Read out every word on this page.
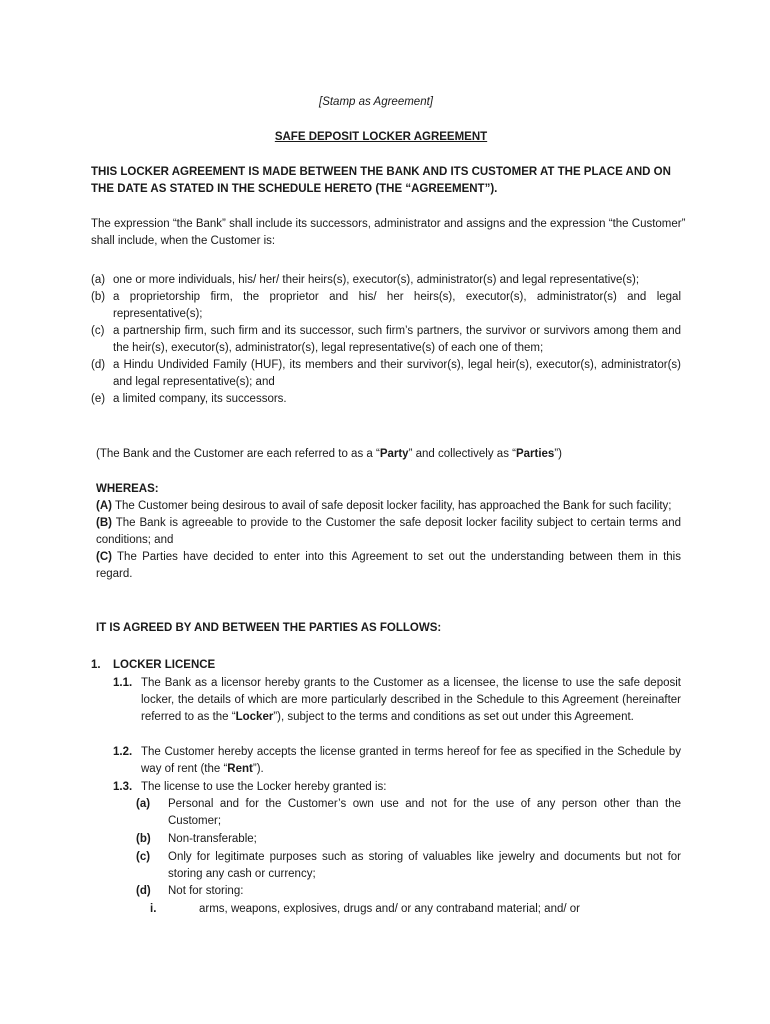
[Stamp as Agreement]
SAFE DEPOSIT LOCKER AGREEMENT
THIS LOCKER AGREEMENT IS MADE BETWEEN THE BANK AND ITS CUSTOMER AT THE PLACE AND ON THE DATE AS STATED IN THE SCHEDULE HERETO (THE “AGREEMENT”).
The expression “the Bank” shall include its successors, administrator and assigns and the expression “the Customer” shall include, when the Customer is:
(a) one or more individuals, his/ her/ their heirs(s), executor(s), administrator(s) and legal representative(s);
(b) a proprietorship firm, the proprietor and his/ her heirs(s), executor(s), administrator(s) and legal representative(s);
(c) a partnership firm, such firm and its successor, such firm’s partners, the survivor or survivors among them and the heir(s), executor(s), administrator(s), legal representative(s) of each one of them;
(d) a Hindu Undivided Family (HUF), its members and their survivor(s), legal heir(s), executor(s), administrator(s) and legal representative(s); and
(e) a limited company, its successors.
(The Bank and the Customer are each referred to as a “Party” and collectively as “Parties”)
WHEREAS:
(A) The Customer being desirous to avail of safe deposit locker facility, has approached the Bank for such facility;
(B) The Bank is agreeable to provide to the Customer the safe deposit locker facility subject to certain terms and conditions; and
(C) The Parties have decided to enter into this Agreement to set out the understanding between them in this regard.
IT IS AGREED BY AND BETWEEN THE PARTIES AS FOLLOWS:
1. LOCKER LICENCE
1.1. The Bank as a licensor hereby grants to the Customer as a licensee, the license to use the safe deposit locker, the details of which are more particularly described in the Schedule to this Agreement (hereinafter referred to as the “Locker”), subject to the terms and conditions as set out under this Agreement.
1.2. The Customer hereby accepts the license granted in terms hereof for fee as specified in the Schedule by way of rent (the “Rent”).
1.3. The license to use the Locker hereby granted is:
(a)	Personal and for the Customer’s own use and not for the use of any person other than the Customer;
(b)	Non-transferable;
(c)	Only for legitimate purposes such as storing of valuables like jewelry and documents but not for storing any cash or currency;
(d)	Not for storing:
i.	arms, weapons, explosives, drugs and/ or any contraband material; and/ or
